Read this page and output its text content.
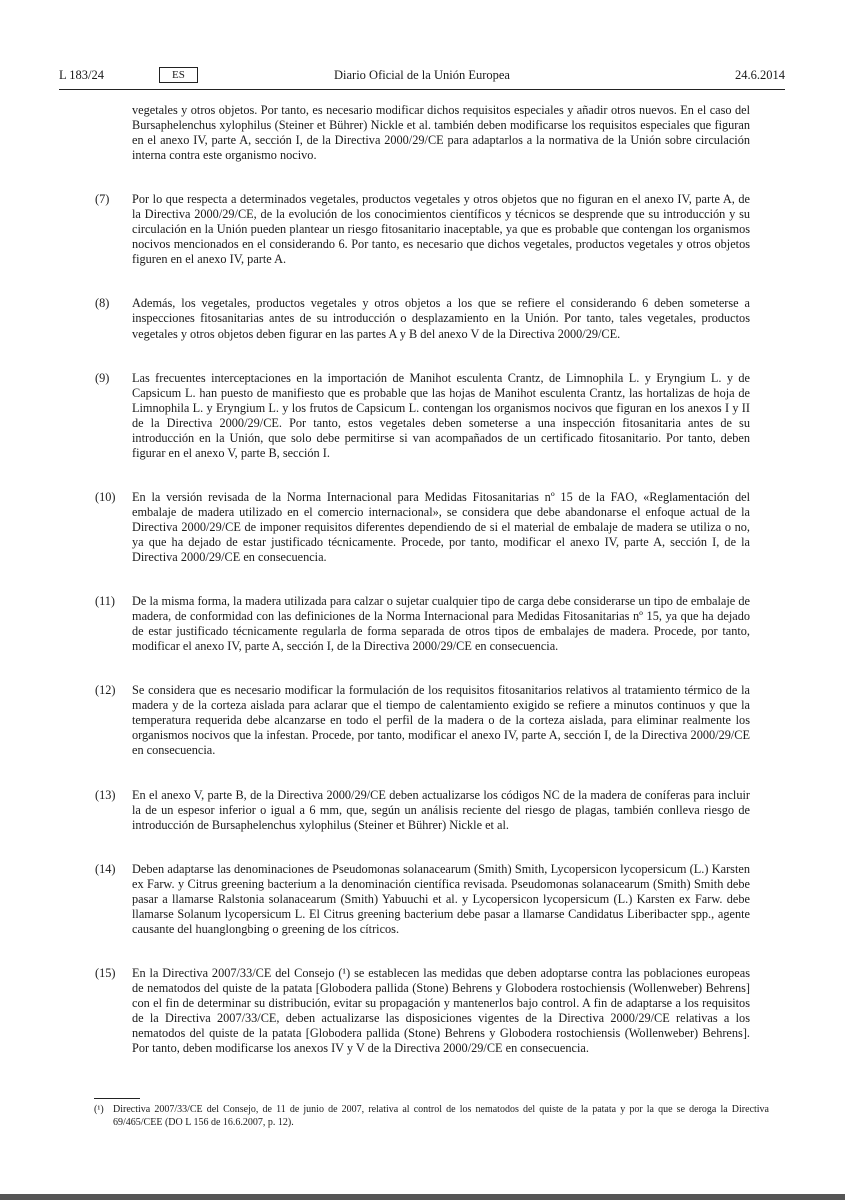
L 183/24	Diario Oficial de la Unión Europea
ES	24.6.2014
vegetales y otros objetos. Por tanto, es necesario modificar dichos requisitos especiales y añadir otros nuevos. En el caso del Bursaphelenchus xylophilus (Steiner et Bührer) Nickle et al. también deben modificarse los requisitos especiales que figuran en el anexo IV, parte A, sección I, de la Directiva 2000/29/CE para adaptarlos a la normativa de la Unión sobre circulación interna contra este organismo nocivo.
(7) Por lo que respecta a determinados vegetales, productos vegetales y otros objetos que no figuran en el anexo IV, parte A, de la Directiva 2000/29/CE, de la evolución de los conocimientos científicos y técnicos se desprende que su introducción y su circulación en la Unión pueden plantear un riesgo fitosanitario inaceptable, ya que es probable que contengan los organismos nocivos mencionados en el considerando 6. Por tanto, es necesario que dichos vegetales, productos vegetales y otros objetos figuren en el anexo IV, parte A.
(8) Además, los vegetales, productos vegetales y otros objetos a los que se refiere el considerando 6 deben someterse a inspecciones fitosanitarias antes de su introducción o desplazamiento en la Unión. Por tanto, tales vegetales, productos vegetales y otros objetos deben figurar en las partes A y B del anexo V de la Directiva 2000/29/CE.
(9) Las frecuentes interceptaciones en la importación de Manihot esculenta Crantz, de Limnophila L. y Eryngium L. y de Capsicum L. han puesto de manifiesto que es probable que las hojas de Manihot esculenta Crantz, las hortalizas de hoja de Limnophila L. y Eryngium L. y los frutos de Capsicum L. contengan los organismos nocivos que figuran en los anexos I y II de la Directiva 2000/29/CE. Por tanto, estos vegetales deben someterse a una inspección fitosanitaria antes de su introducción en la Unión, que solo debe permitirse si van acompañados de un certificado fitosanitario. Por tanto, deben figurar en el anexo V, parte B, sección I.
(10) En la versión revisada de la Norma Internacional para Medidas Fitosanitarias nº 15 de la FAO, «Reglamentación del embalaje de madera utilizado en el comercio internacional», se considera que debe abandonarse el enfoque actual de la Directiva 2000/29/CE de imponer requisitos diferentes dependiendo de si el material de embalaje de madera se utiliza o no, ya que ha dejado de estar justificado técnicamente. Procede, por tanto, modificar el anexo IV, parte A, sección I, de la Directiva 2000/29/CE en consecuencia.
(11) De la misma forma, la madera utilizada para calzar o sujetar cualquier tipo de carga debe considerarse un tipo de embalaje de madera, de conformidad con las definiciones de la Norma Internacional para Medidas Fitosanitarias nº 15, ya que ha dejado de estar justificado técnicamente regularla de forma separada de otros tipos de embalajes de madera. Procede, por tanto, modificar el anexo IV, parte A, sección I, de la Directiva 2000/29/CE en consecuencia.
(12) Se considera que es necesario modificar la formulación de los requisitos fitosanitarios relativos al tratamiento térmico de la madera y de la corteza aislada para aclarar que el tiempo de calentamiento exigido se refiere a minutos continuos y que la temperatura requerida debe alcanzarse en todo el perfil de la madera o de la corteza aislada, para eliminar realmente los organismos nocivos que la infestan. Procede, por tanto, modificar el anexo IV, parte A, sección I, de la Directiva 2000/29/CE en consecuencia.
(13) En el anexo V, parte B, de la Directiva 2000/29/CE deben actualizarse los códigos NC de la madera de coníferas para incluir la de un espesor inferior o igual a 6 mm, que, según un análisis reciente del riesgo de plagas, también conlleva riesgo de introducción de Bursaphelenchus xylophilus (Steiner et Bührer) Nickle et al.
(14) Deben adaptarse las denominaciones de Pseudomonas solanacearum (Smith) Smith, Lycopersicon lycopersicum (L.) Karsten ex Farw. y Citrus greening bacterium a la denominación científica revisada. Pseudomonas solanacearum (Smith) Smith debe pasar a llamarse Ralstonia solanacearum (Smith) Yabuuchi et al. y Lycopersicon lycopersicum (L.) Karsten ex Farw. debe llamarse Solanum lycopersicum L. El Citrus greening bacterium debe pasar a llamarse Candidatus Liberibacter spp., agente causante del huanglongbing o greening de los cítricos.
(15) En la Directiva 2007/33/CE del Consejo (¹) se establecen las medidas que deben adoptarse contra las poblaciones europeas de nematodos del quiste de la patata [Globodera pallida (Stone) Behrens y Globodera rostochiensis (Wollenweber) Behrens] con el fin de determinar su distribución, evitar su propagación y mantenerlos bajo control. A fin de adaptarse a los requisitos de la Directiva 2007/33/CE, deben actualizarse las disposiciones vigentes de la Directiva 2000/29/CE relativas a los nematodos del quiste de la patata [Globodera pallida (Stone) Behrens y Globodera rostochiensis (Wollenweber) Behrens]. Por tanto, deben modificarse los anexos IV y V de la Directiva 2000/29/CE en consecuencia.
(¹) Directiva 2007/33/CE del Consejo, de 11 de junio de 2007, relativa al control de los nematodos del quiste de la patata y por la que se deroga la Directiva 69/465/CEE (DO L 156 de 16.6.2007, p. 12).
